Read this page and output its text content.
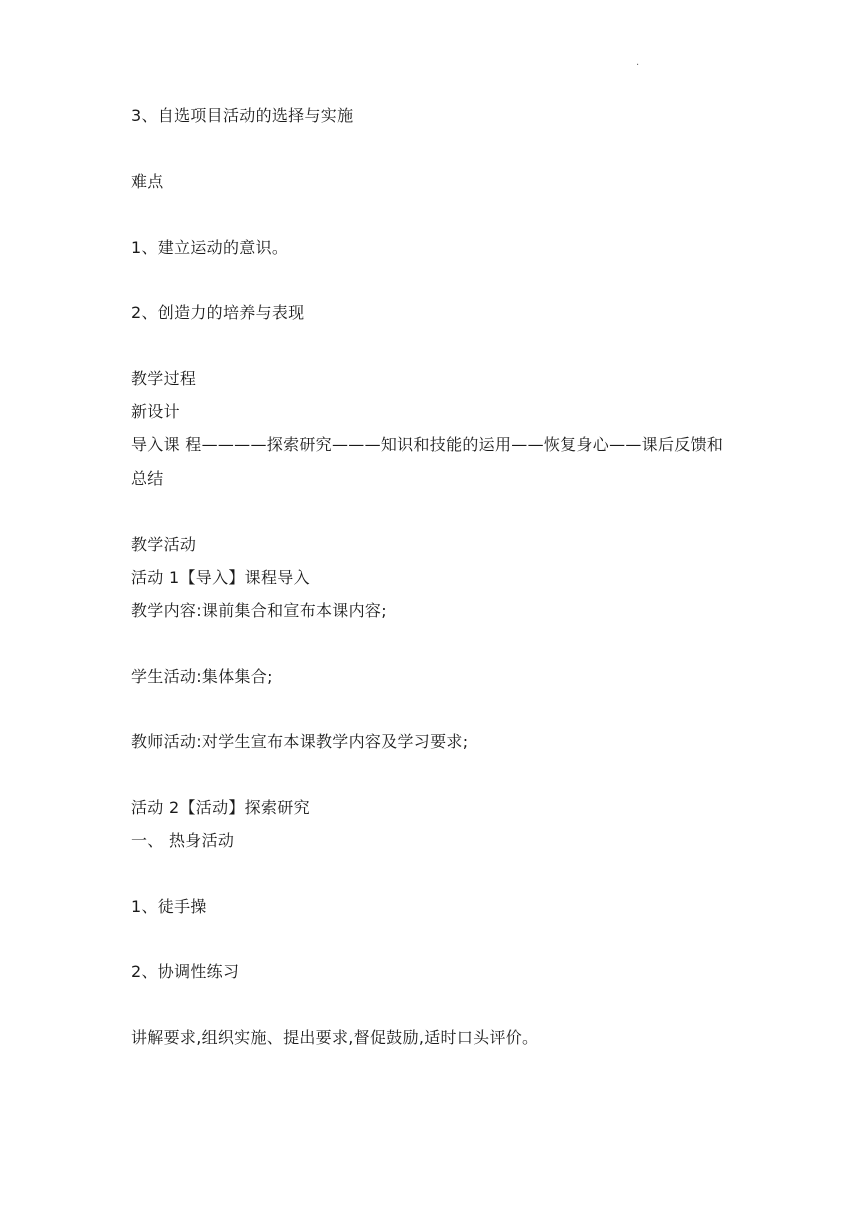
.
3、自选项目活动的选择与实施
难点
1、建立运动的意识。
2、创造力的培养与表现
教学过程
新设计
导入课 程————探索研究———知识和技能的运用——恢复身心——课后反馈和总结
教学活动
活动 1【导入】课程导入
教学内容:课前集合和宣布本课内容;
学生活动:集体集合;
教师活动:对学生宣布本课教学内容及学习要求;
活动 2【活动】探索研究
一、 热身活动
1、徒手操
2、协调性练习
讲解要求,组织实施、提出要求,督促鼓励,适时口头评价。
